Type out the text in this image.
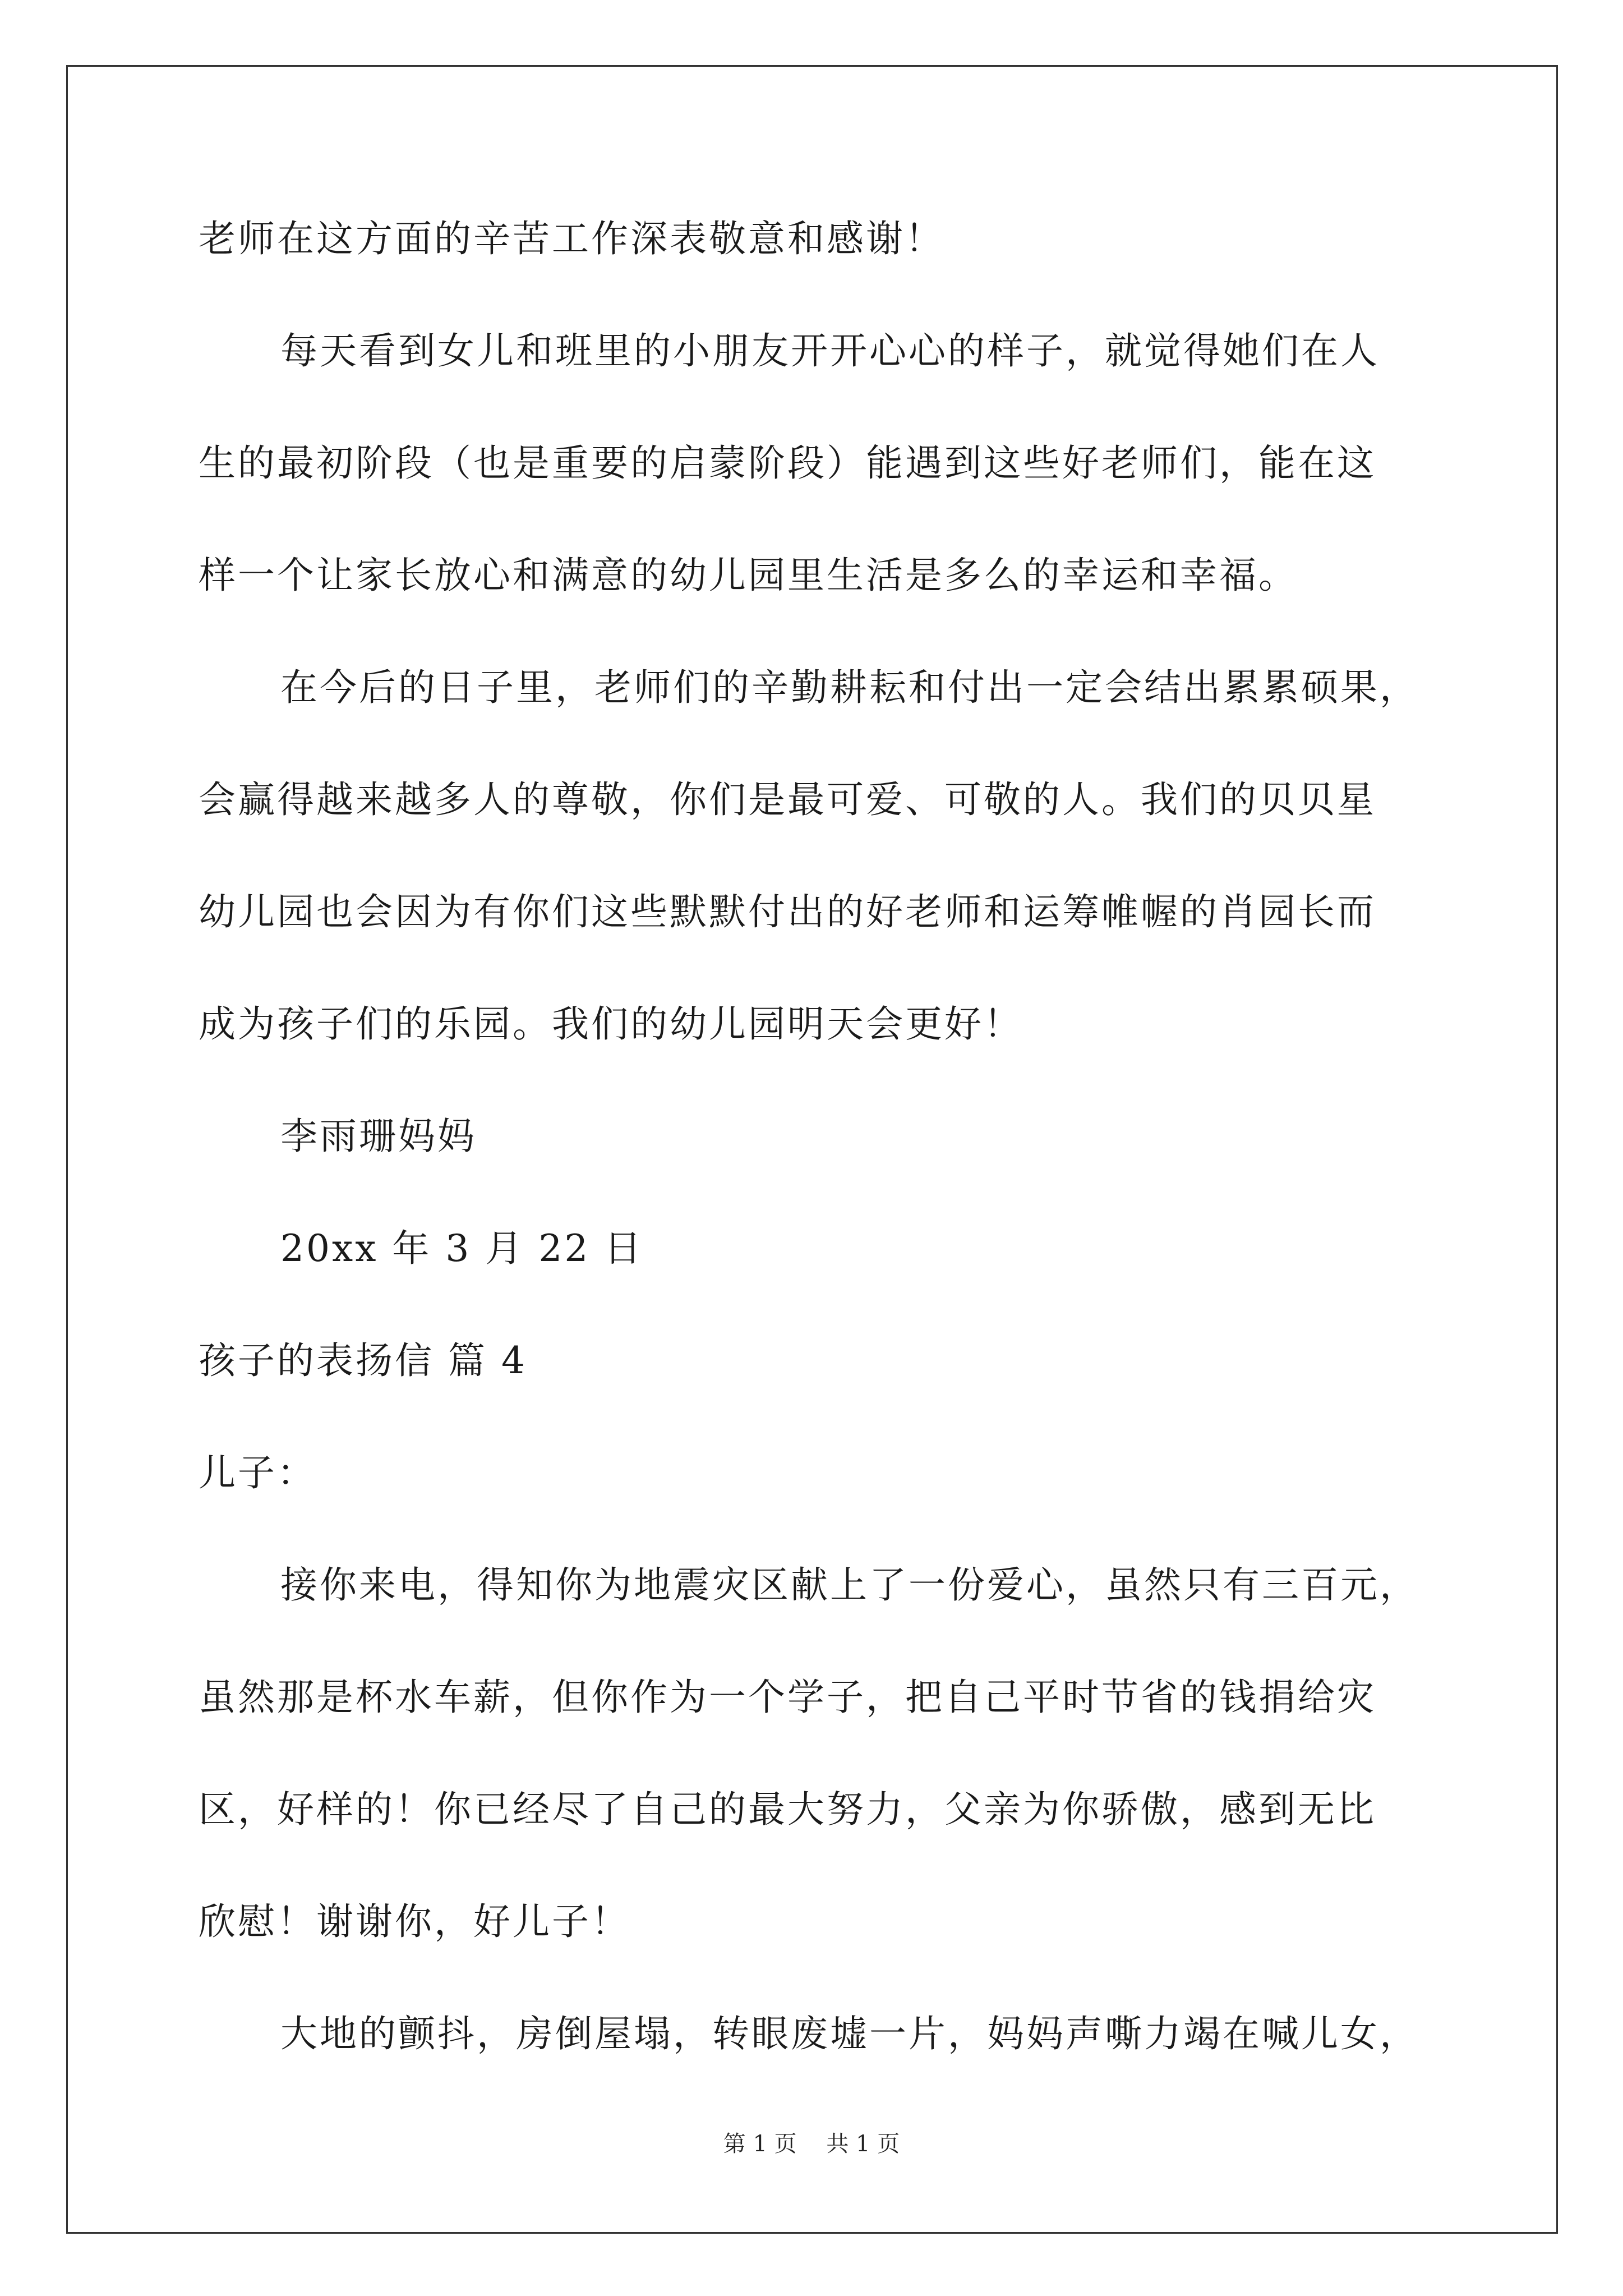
老师在这方面的辛苦工作深表敬意和感谢！
每天看到女儿和班里的小朋友开开心心的样子，就觉得她们在人
生的最初阶段（也是重要的启蒙阶段）能遇到这些好老师们，能在这
样一个让家长放心和满意的幼儿园里生活是多么的幸运和幸福。
在今后的日子里，老师们的辛勤耕耘和付出一定会结出累累硕果，
会赢得越来越多人的尊敬，你们是最可爱、可敬的人。我们的贝贝星
幼儿园也会因为有你们这些默默付出的好老师和运筹帷幄的肖园长而
成为孩子们的乐园。我们的幼儿园明天会更好！
李雨珊妈妈
20xx 年 3 月 22 日
孩子的表扬信 篇 4
儿子：
接你来电，得知你为地震灾区献上了一份爱心，虽然只有三百元，
虽然那是杯水车薪，但你作为一个学子，把自己平时节省的钱捐给灾
区，好样的！你已经尽了自己的最大努力，父亲为你骄傲，感到无比
欣慰！谢谢你，好儿子！
大地的颤抖，房倒屋塌，转眼废墟一片，妈妈声嘶力竭在喊儿女，
第 1 页　 共 1 页
